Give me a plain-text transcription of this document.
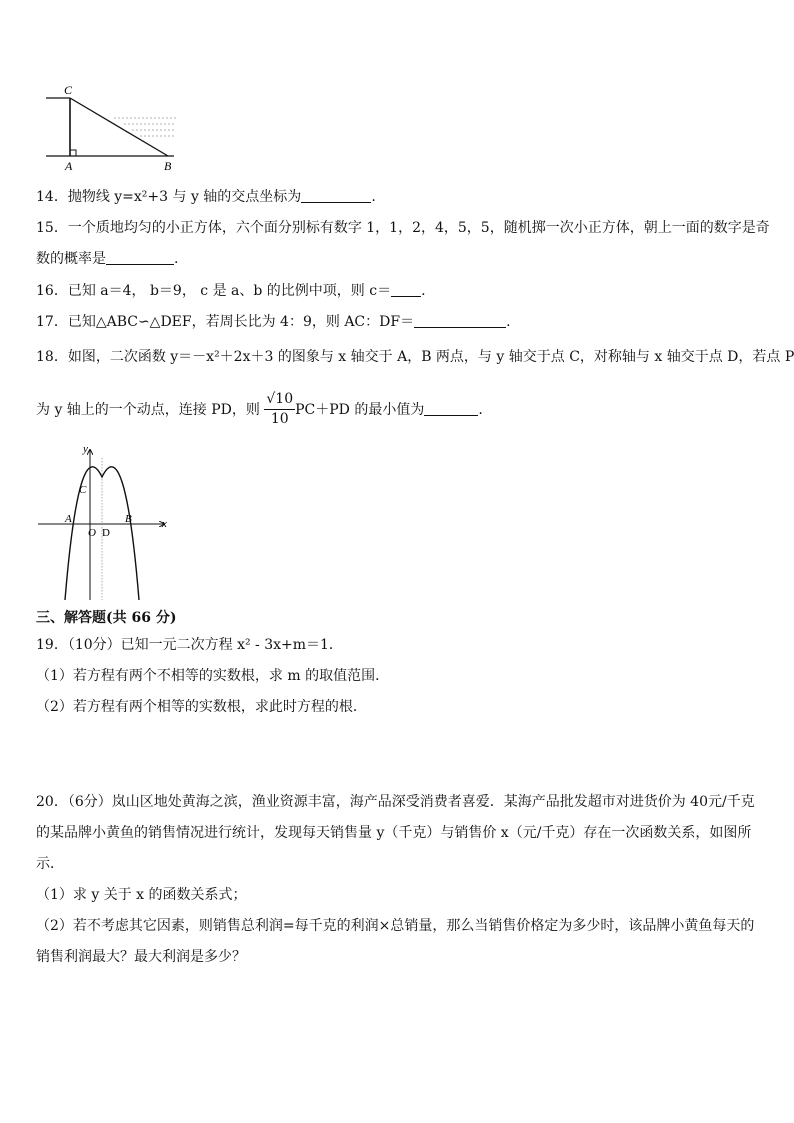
C
A	B
14．抛物线 y=x²+3 与 y 轴的交点坐标为	.
15．一个质地均匀的小正方体，六个面分别标有数字 1，1，2，4，5，5，随机掷一次小正方体，朝上一面的数字是奇
数的概率是	.
16．已知 a＝4， b＝9， c 是 a、b 的比例中项，则 c＝ .
17．已知△ABC∽△DEF，若周长比为 4：9，则 AC：DF＝	.
18．如图，二次函数 y＝－x²＋2x＋3 的图象与 x 轴交于 A，B 两点，与 y 轴交于点 C，对称轴与 x 轴交于点 D，若点 P
为 y 轴上的一个动点，连接 PD，则 $\frac{√10}{10} PC+PD$ 的最小值为	.
y
x
C
A
O D
B
三、解答题(共 66 分)
19．（10分）已知一元二次方程 x² - 3x+m＝1．
（1）若方程有两个不相等的实数根，求 m 的取值范围．
（2）若方程有两个相等的实数根，求此时方程的根．
20．（6分）岚山区地处黄海之滨，渔业资源丰富，海产品深受消费者喜爱．某海产品批发超市对进货价为 40元/千克
的某品牌小黄鱼的销售情况进行统计，发现每天销售量 y（千克）与销售价 x（元/千克）存在一次函数关系，如图所
示．
（1）求 y 关于 x 的函数关系式；
（2）若不考虑其它因素，则销售总利润=每千克的利润×总销量，那么当销售价格定为多少时，该品牌小黄鱼每天的
销售利润最大？最大利润是多少？
